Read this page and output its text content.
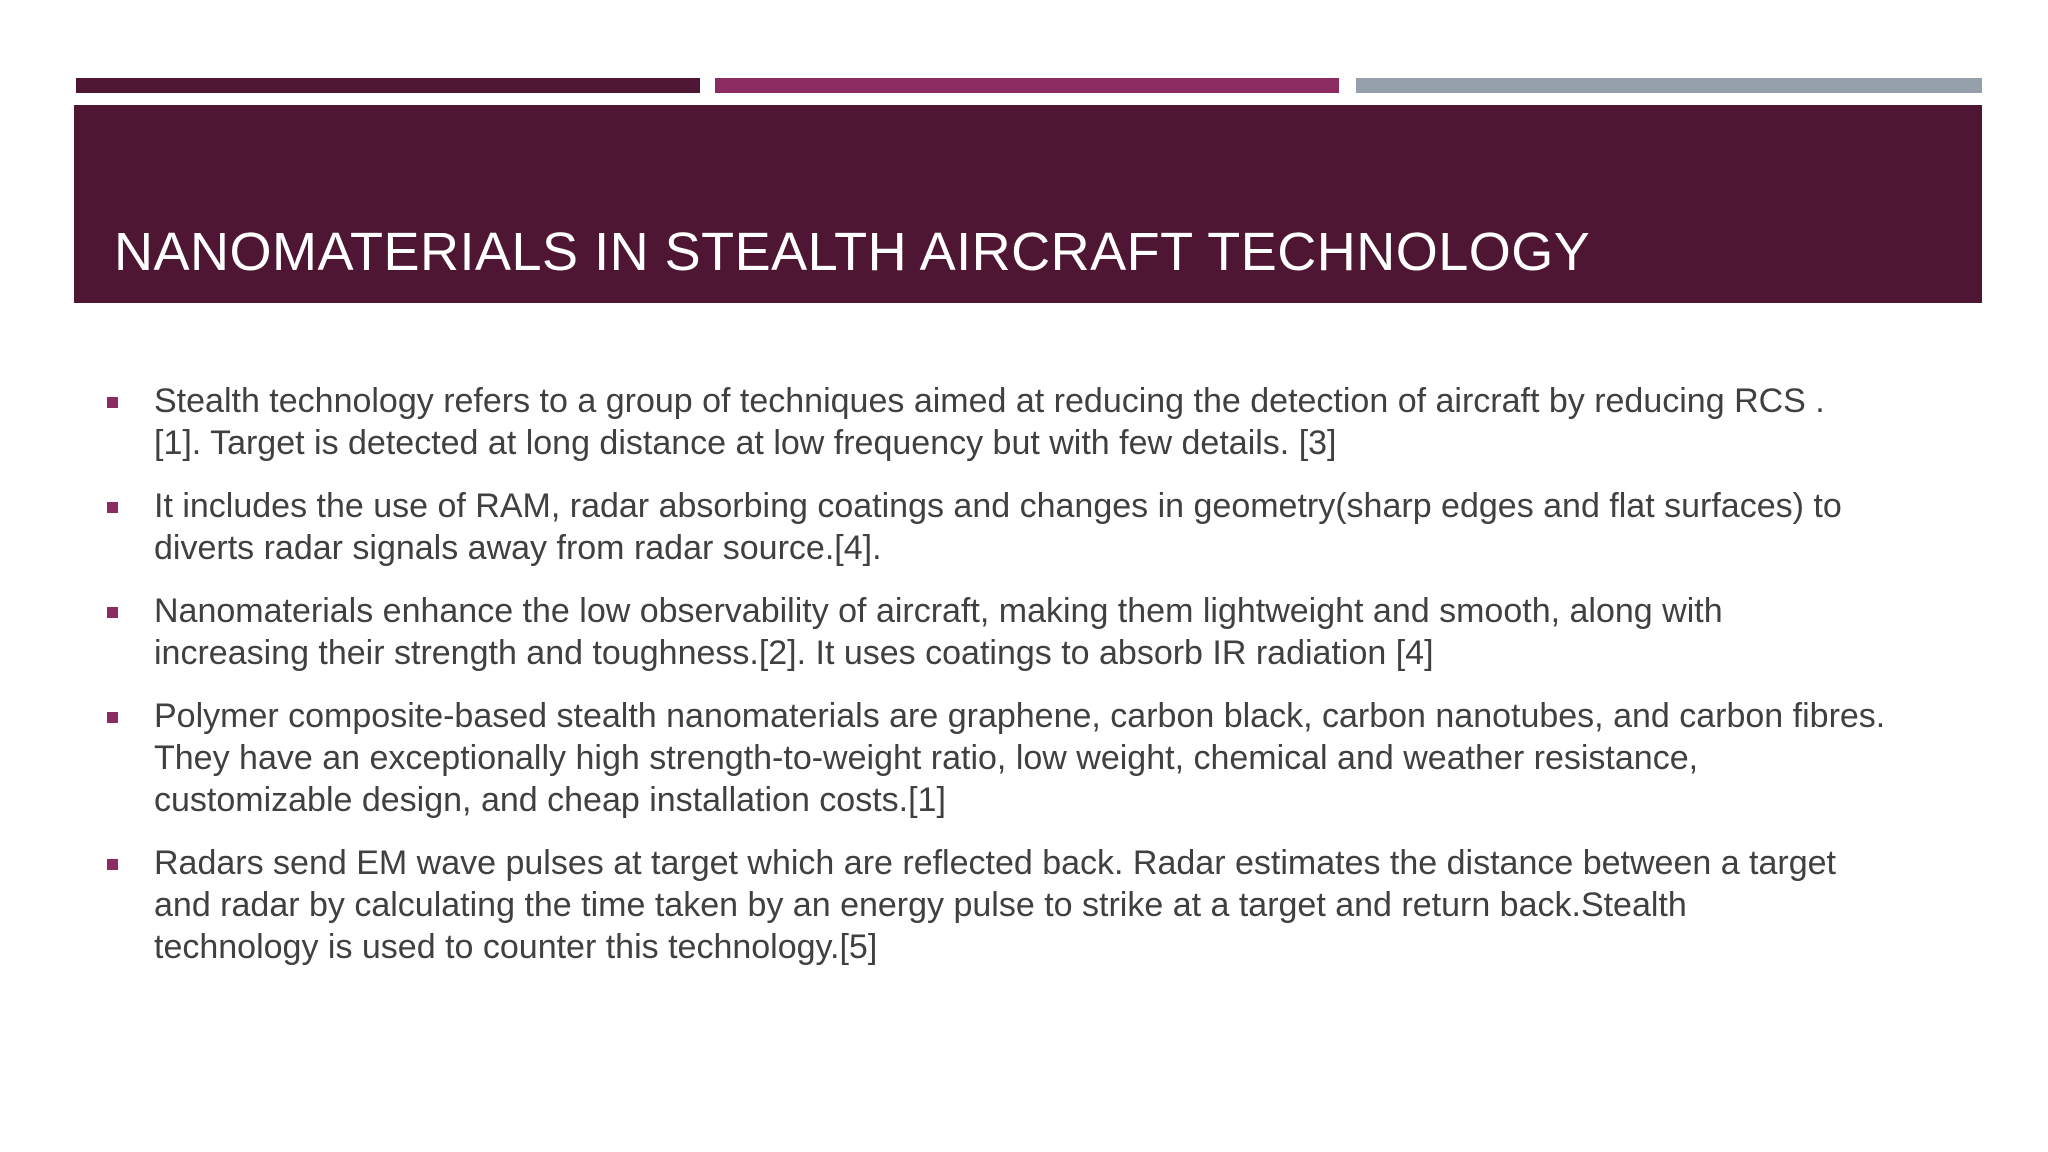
NANOMATERIALS IN STEALTH AIRCRAFT TECHNOLOGY
Stealth technology refers to a group of techniques aimed at reducing the detection of aircraft by reducing RCS .
[1]. Target is detected at long distance at low frequency but with few details. [3]
It includes the use of RAM, radar absorbing coatings and changes in geometry(sharp edges and flat surfaces) to
diverts radar signals away from radar source.[4].
Nanomaterials enhance the low observability of aircraft, making them lightweight and smooth, along with
increasing their strength and toughness.[2]. It uses coatings to absorb IR radiation [4]
Polymer composite-based stealth nanomaterials are graphene, carbon black, carbon nanotubes, and carbon fibres.
They have an exceptionally high strength-to-weight ratio, low weight, chemical and weather resistance,
customizable design, and cheap installation costs.[1]
Radars send EM wave pulses at target which are reflected back. Radar estimates the distance between a target
and radar by calculating the time taken by an energy pulse to strike at a target and return back.Stealth
technology is used to counter this technology.[5]
